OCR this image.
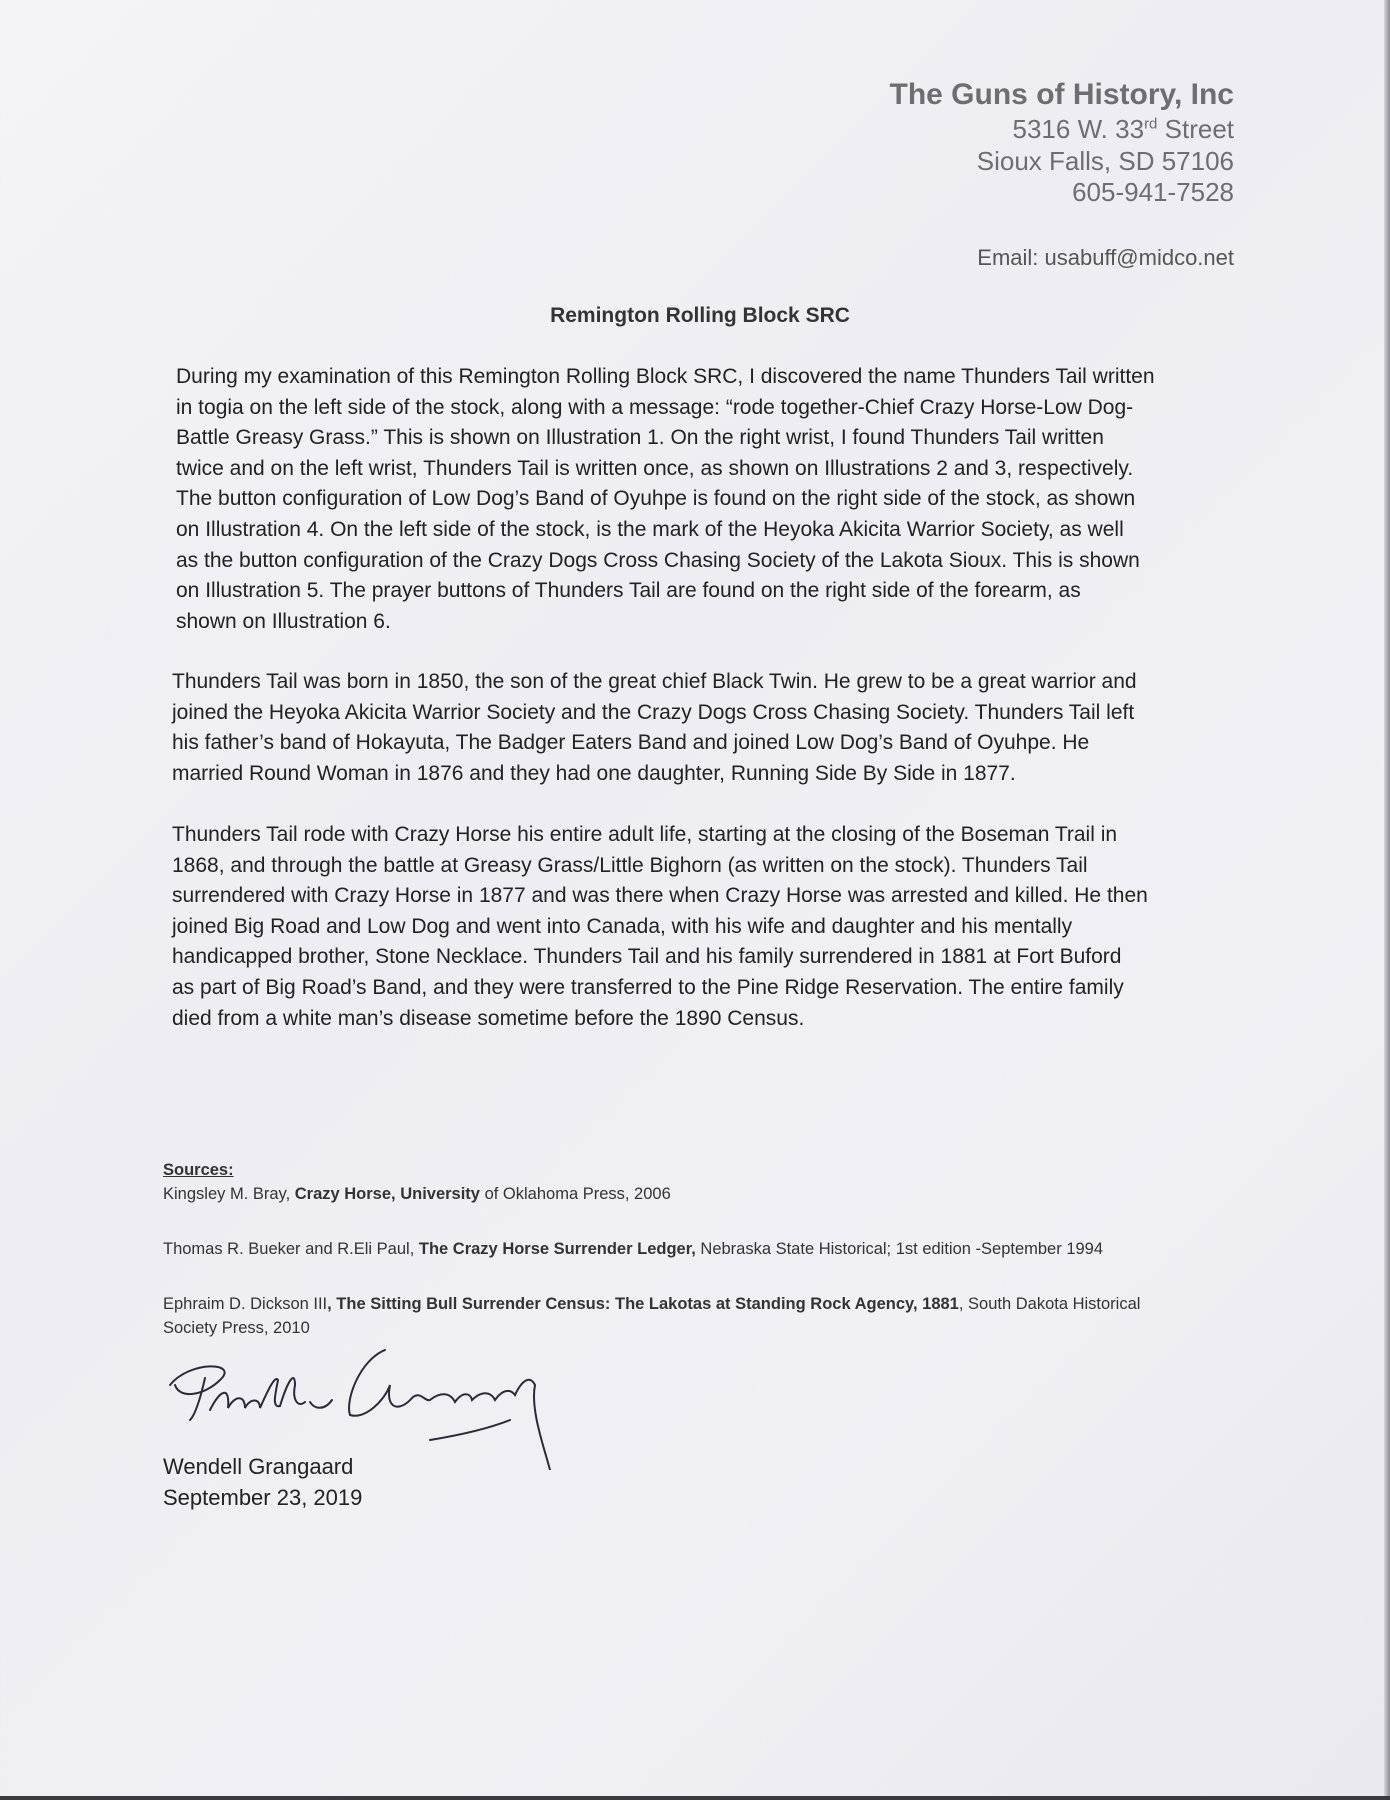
The Guns of History, Inc
5316 W. 33rd Street
Sioux Falls, SD 57106
605-941-7528
Email: usabuff@midco.net
Remington Rolling Block SRC
During my examination of this Remington Rolling Block SRC, I discovered the name Thunders Tail written
in togia on the left side of the stock, along with a message: “rode together-Chief Crazy Horse-Low Dog-
Battle Greasy Grass.” This is shown on Illustration 1. On the right wrist, I found Thunders Tail written
twice and on the left wrist, Thunders Tail is written once, as shown on Illustrations 2 and 3, respectively.
The button configuration of Low Dog’s Band of Oyuhpe is found on the right side of the stock, as shown
on Illustration 4. On the left side of the stock, is the mark of the Heyoka Akicita Warrior Society, as well
as the button configuration of the Crazy Dogs Cross Chasing Society of the Lakota Sioux. This is shown
on Illustration 5. The prayer buttons of Thunders Tail are found on the right side of the forearm, as
shown on Illustration 6.
Thunders Tail was born in 1850, the son of the great chief Black Twin. He grew to be a great warrior and
joined the Heyoka Akicita Warrior Society and the Crazy Dogs Cross Chasing Society. Thunders Tail left
his father’s band of Hokayuta, The Badger Eaters Band and joined Low Dog’s Band of Oyuhpe. He
married Round Woman in 1876 and they had one daughter, Running Side By Side in 1877.
Thunders Tail rode with Crazy Horse his entire adult life, starting at the closing of the Boseman Trail in
1868, and through the battle at Greasy Grass/Little Bighorn (as written on the stock). Thunders Tail
surrendered with Crazy Horse in 1877 and was there when Crazy Horse was arrested and killed. He then
joined Big Road and Low Dog and went into Canada, with his wife and daughter and his mentally
handicapped brother, Stone Necklace. Thunders Tail and his family surrendered in 1881 at Fort Buford
as part of Big Road’s Band, and they were transferred to the Pine Ridge Reservation. The entire family
died from a white man’s disease sometime before the 1890 Census.
Sources:
Kingsley M. Bray, Crazy Horse, University of Oklahoma Press, 2006
Thomas R. Bueker and R.Eli Paul, The Crazy Horse Surrender Ledger, Nebraska State Historical; 1st edition -September 1994
Ephraim D. Dickson III, The Sitting Bull Surrender Census: The Lakotas at Standing Rock Agency, 1881, South Dakota Historical
Society Press, 2010
Wendell Grangaard
September 23, 2019
